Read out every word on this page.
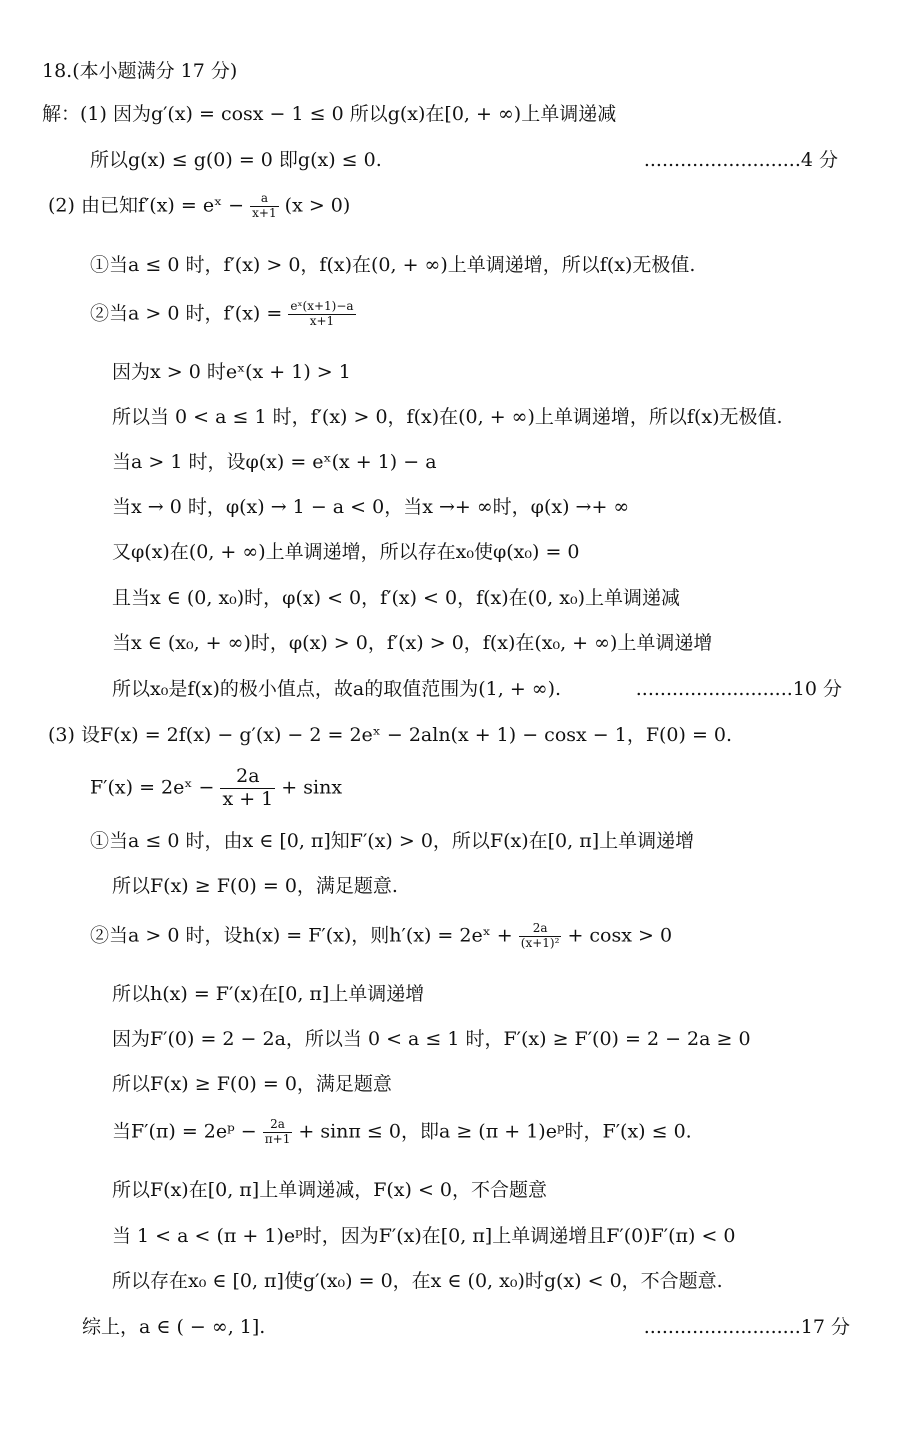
18.(本小题满分 17 分)
解：(1) 因为g′(x) = cosx − 1 ≤ 0 所以g(x)在[0, + ∞)上单调递减
所以g(x) ≤ g(0) = 0 即g(x) ≤ 0.	..........................4 分
(2) 由已知f′(x) = eˣ − $\frac{a}{x+1} (x > 0)$
①当a ≤ 0 时，f′(x) > 0，f(x)在(0, + ∞)上单调递增，所以f(x)无极值.
②当a > 0 时，$f'(x) = \frac{\text{eˣ(x+1)−a}}{x+1}$
因为x > 0 时eˣ(x + 1) > 1
所以当 0 < a ≤ 1 时，f′(x) > 0，f(x)在(0, + ∞)上单调递增，所以f(x)无极值.
当a > 1 时，设φ(x) = eˣ(x + 1) − a
当x → 0 时，φ(x) → 1 − a < 0，当x →+ ∞时，φ(x) →+ ∞
又φ(x)在(0, + ∞)上单调递增，所以存在x₀使φ(x₀) = 0
且当x ∈ (0, x₀)时，φ(x) < 0，f′(x) < 0，f(x)在(0, x₀)上单调递减
当x ∈ (x₀, + ∞)时，φ(x) > 0，f′(x) > 0，f(x)在(x₀, + ∞)上单调递增
所以x₀是f(x)的极小值点，故a的取值范围为(1, + ∞).	..........................10 分
(3) 设F(x) = 2f(x) − g′(x) − 2 = 2eˣ − 2aln(x + 1) − cosx − 1，F(0) = 0.
F′(x) = 2eˣ − $\frac{2a}{x + 1} + \sin x$
①当a ≤ 0 时，由x ∈ [0, π]知F′(x) > 0，所以F(x)在[0, π]上单调递增
所以F(x) ≥ F(0) = 0，满足题意.
②当a > 0 时，设h(x) = F′(x)，则h′(x) = 2eˣ + $\frac{2a}{\text{(x+1)²}} + \cos x > 0$
所以h(x) = F′(x)在[0, π]上单调递增
因为F′(0) = 2 − 2a，所以当 0 < a ≤ 1 时，F′(x) ≥ F′(0) = 2 − 2a ≥ 0
所以F(x) ≥ F(0) = 0，满足题意
当F′(π) = 2eᵖ − $\frac{2a}{\pi+1} + \sin\pi \le 0$，即a ≥ (π + 1)eᵖ时，F′(x) ≤ 0.
所以F(x)在[0, π]上单调递减，F(x) < 0，不合题意
当 1 < a < (π + 1)eᵖ时，因为F′(x)在[0, π]上单调递增且F′(0)F′(π) < 0
所以存在x₀ ∈ [0, π]使g′(x₀) = 0，在x ∈ (0, x₀)时g(x) < 0，不合题意.
综上，a ∈ ( − ∞, 1].	..........................17 分
